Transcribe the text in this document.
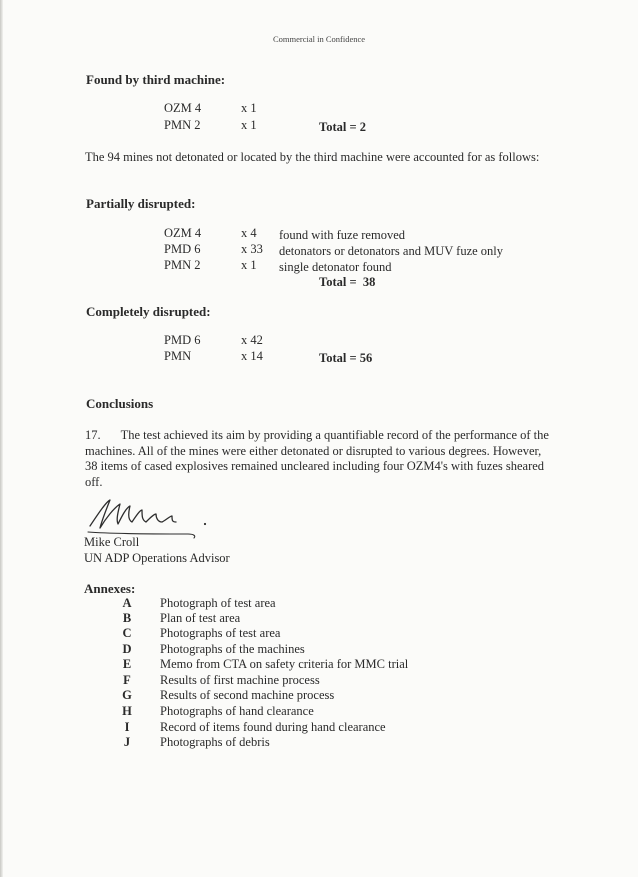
Commercial in Confidence
Found by third machine:
OZM 4	x 1
PMN 2	x 1	Total = 2
The 94 mines not detonated or located by the third machine were accounted for as follows:
Partially disrupted:
OZM 4	x 4 found with fuze removed
PMD 6	x 33 detonators or detonators and MUV fuze only
PMN 2	x 1 single detonator found
Total =  38
Completely disrupted:
PMD 6	x 42
PMN	x 14	Total = 56
Conclusions
17. The test achieved its aim by providing a quantifiable record of the performance of the machines. All of the mines were either detonated or disrupted to various degrees. However, 38 items of cased explosives remained uncleared including four OZM4's with fuzes sheared off.
Mike Croll
UN ADP Operations Advisor
Annexes:
A Photograph of test area
B Plan of test area
C Photographs of test area
D Photographs of the machines
E Memo from CTA on safety criteria for MMC trial
F Results of first machine process
G Results of second machine process
H Photographs of hand clearance
I Record of items found during hand clearance
J Photographs of debris
